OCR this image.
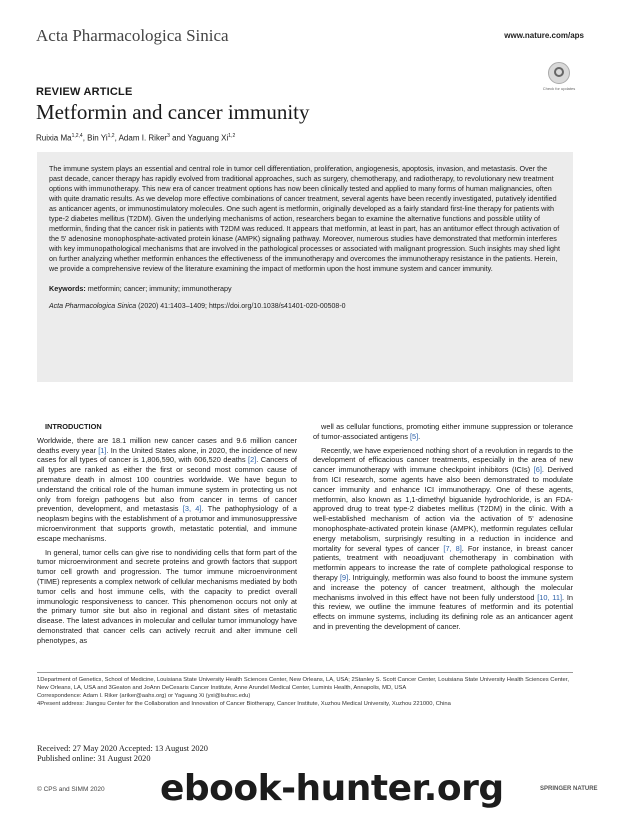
Acta Pharmacologica Sinica	www.nature.com/aps
Check for updates
REVIEW ARTICLE
Metformin and cancer immunity
Ruixia Ma$^{1,2,4}$, Bin Yi$^{1,2}$, Adam I. Riker$^3$ and Yaguang Xi$^{1,2}$

The immune system plays an essential and central role in tumor cell differentiation, proliferation, angiogenesis, apoptosis, invasion, and metastasis. Over the past decade, cancer therapy has rapidly evolved from traditional approaches, such as surgery, chemotherapy, and radiotherapy, to revolutionary new treatment options with immunotherapy. This new era of cancer treatment options has now been clinically tested and applied to many forms of human malignancies, often with quite dramatic results. As we develop more effective combinations of cancer treatment, several agents have been recently investigated, putatively identified as anticancer agents, or immunostimulatory molecules. One such agent is metformin, originally developed as a fairly standard first-line therapy for patients with type-2 diabetes mellitus (T2DM). Given the underlying mechanisms of action, researchers began to examine the alternative functions and possible utility of metformin, finding that the cancer risk in patients with T2DM was reduced. It appears that metformin, at least in part, has an antitumor effect through activation of the 5' adenosine monophosphate-activated protein kinase (AMPK) signaling pathway. Moreover, numerous studies have demonstrated that metformin interferes with key immunopathological mechanisms that are involved in the pathological processes or associated with malignant progression. Such insights may shed light on further analyzing whether metformin enhances the effectiveness of the immunotherapy and overcomes the immunotherapy resistance in the patients. Herein, we provide a comprehensive review of the literature examining the impact of metformin upon the host immune system and cancer immunity.

Keywords: metformin; cancer; immunity; immunotherapy

Acta Pharmacologica Sinica (2020) 41:1403–1409; https://doi.org/10.1038/s41401-020-00508-0

INTRODUCTION

Worldwide, there are 18.1 million new cancer cases and 9.6 million cancer deaths every year [1]. In the United States alone, in 2020, the incidence of new cases for all types of cancer is 1,806,590, with 606,520 deaths [2]. Cancers of all types are ranked as either the first or second most common cause of premature death in almost 100 countries worldwide. We have begun to understand the critical role of the human immune system in protecting us not only from foreign pathogens but also from cancer in terms of cancer prevention, development, and metastasis [3, 4]. The pathophysiology of a neoplasm begins with the establishment of a protumor and immunosuppressive microenvironment that supports growth, metastatic potential, and immune escape mechanisms.

In general, tumor cells can give rise to nondividing cells that form part of the tumor microenvironment and secrete proteins and growth factors that support tumor cell growth and progression. The tumor immune microenvironment (TIME) represents a complex network of cellular mechanisms mediated by both tumor cells and host immune cells, with the capacity to predict overall immunologic responsiveness to cancer. This phenomenon occurs not only at the primary tumor site but also in regional and distant sites of metastatic disease. The latest advances in molecular and cellular tumor immunology have demonstrated that cancer cells can actively recruit and alter immune cell phenotypes, as

well as cellular functions, promoting either immune suppression or tolerance of tumor-associated antigens [5].

Recently, we have experienced nothing short of a revolution in regards to the development of efficacious cancer treatments, especially in the area of new cancer immunotherapy with immune checkpoint inhibitors (ICIs) [6]. Derived from ICI research, some agents have also been demonstrated to modulate cancer immunity and enhance ICI immunotherapy. One of these agents, metformin, also known as 1,1-dimethyl biguanide hydrochloride, is an FDA-approved drug to treat type-2 diabetes mellitus (T2DM) in the clinic. With a well-established mechanism of action via the activation of 5' adenosine monophosphate-activated protein kinase (AMPK), metformin regulates cellular energy metabolism, surprisingly resulting in a reduction in incidence and mortality for several types of cancer [7, 8]. For instance, in breast cancer patients, treatment with neoadjuvant chemotherapy in combination with metformin appears to increase the rate of complete pathological response to therapy [9]. Intriguingly, metformin was also found to boost the immune system and increase the potency of cancer treatment, although the molecular mechanisms involved in this effect have not been fully understood [10, 11]. In this review, we outline the immune features of metformin and its potential effects on immune systems, including its defining role as an anticancer agent and in preventing the development of cancer.

1Department of Genetics, School of Medicine, Louisiana State University Health Sciences Center, New Orleans, LA, USA; 2Stanley S. Scott Cancer Center, Louisiana State University Health Sciences Center, New Orleans, LA, USA and 3Geaton and JoAnn DeCesaris Cancer Institute, Anne Arundel Medical Center, Luminis Health, Annapolis, MD, USA

Correspondence: Adam I. Riker (ariker@aahs.org) or Yaguang Xi (yxi@lsuhsc.edu)

4Present address: Jiangsu Center for the Collaboration and Innovation of Cancer Biotherapy, Cancer Institute, Xuzhou Medical University, Xuzhou 221000, China

Received: 27 May 2020 Accepted: 13 August 2020

Published online: 31 August 2020

© CPS and SIMM 2020 ebook-hunter.org	SPRINGER NATURE
